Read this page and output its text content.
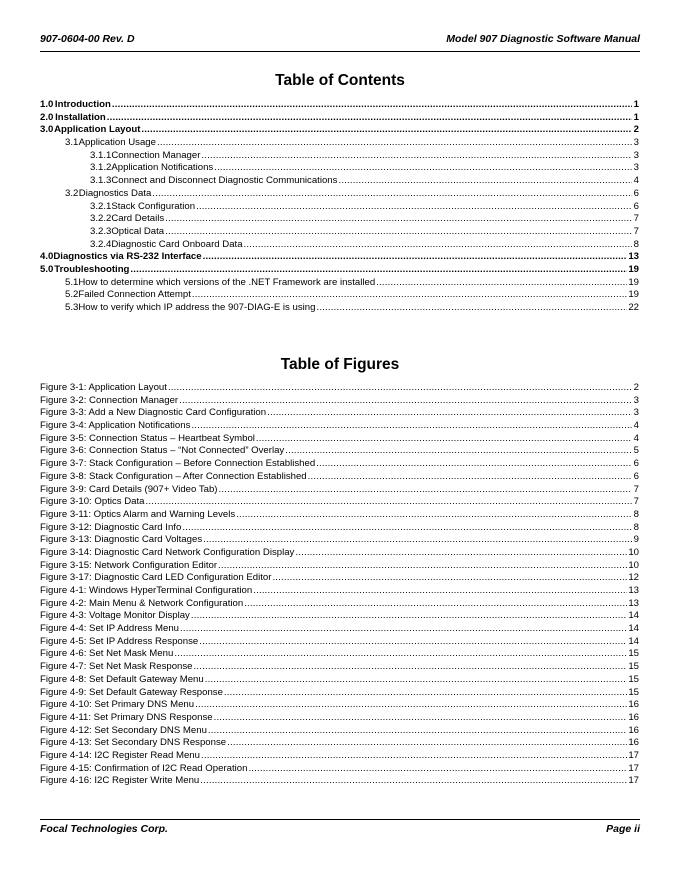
907-0604-00 Rev. D	Model 907 Diagnostic Software Manual
Table of Contents
1.0 Introduction .....	1
2.0 Installation .....	1
3.0 Application Layout .....	2
3.1 Application Usage .....	3
3.1.1 Connection Manager .....	3
3.1.2 Application Notifications .....	3
3.1.3 Connect and Disconnect Diagnostic Communications .....	4
3.2 Diagnostics Data .....	6
3.2.1 Stack Configuration .....	6
3.2.2 Card Details .....	7
3.2.3 Optical Data .....	7
3.2.4 Diagnostic Card Onboard Data .....	8
4.0 Diagnostics via RS-232 Interface .....	13
5.0 Troubleshooting .....	19
5.1 How to determine which versions of the .NET Framework are installed .....	19
5.2 Failed Connection Attempt .....	19
5.3 How to verify which IP address the 907-DIAG-E is using .....	22
Table of Figures
Figure 3-1: Application Layout .....	2
Figure 3-2: Connection Manager .....	3
Figure 3-3: Add a New Diagnostic Card Configuration .....	3
Figure 3-4: Application Notifications .....	4
Figure 3-5: Connection Status – Heartbeat Symbol .....	4
Figure 3-6: Connection Status – “Not Connected” Overlay .....	5
Figure 3-7: Stack Configuration – Before Connection Established .....	6
Figure 3-8: Stack Configuration – After Connection Established .....	6
Figure 3-9: Card Details (907+ Video Tab) .....	7
Figure 3-10: Optics Data .....	7
Figure 3-11: Optics Alarm and Warning Levels .....	8
Figure 3-12: Diagnostic Card Info .....	8
Figure 3-13: Diagnostic Card Voltages .....	9
Figure 3-14: Diagnostic Card Network Configuration Display .....	10
Figure 3-15: Network Configuration Editor .....	10
Figure 3-17: Diagnostic Card LED Configuration Editor .....	12
Figure 4-1: Windows HyperTerminal Configuration .....	13
Figure 4-2: Main Menu & Network Configuration .....	13
Figure 4-3: Voltage Monitor Display .....	14
Figure 4-4: Set IP Address Menu .....	14
Figure 4-5: Set IP Address Response .....	14
Figure 4-6: Set Net Mask Menu .....	15
Figure 4-7: Set Net Mask Response .....	15
Figure 4-8: Set Default Gateway Menu .....	15
Figure 4-9: Set Default Gateway Response .....	15
Figure 4-10: Set Primary DNS Menu .....	16
Figure 4-11: Set Primary DNS Response .....	16
Figure 4-12: Set Secondary DNS Menu .....	16
Figure 4-13: Set Secondary DNS Response .....	16
Figure 4-14: I2C Register Read Menu .....	17
Figure 4-15: Confirmation of I2C Read Operation .....	17
Figure 4-16: I2C Register Write Menu .....	17
Focal Technologies Corp.	Page ii
